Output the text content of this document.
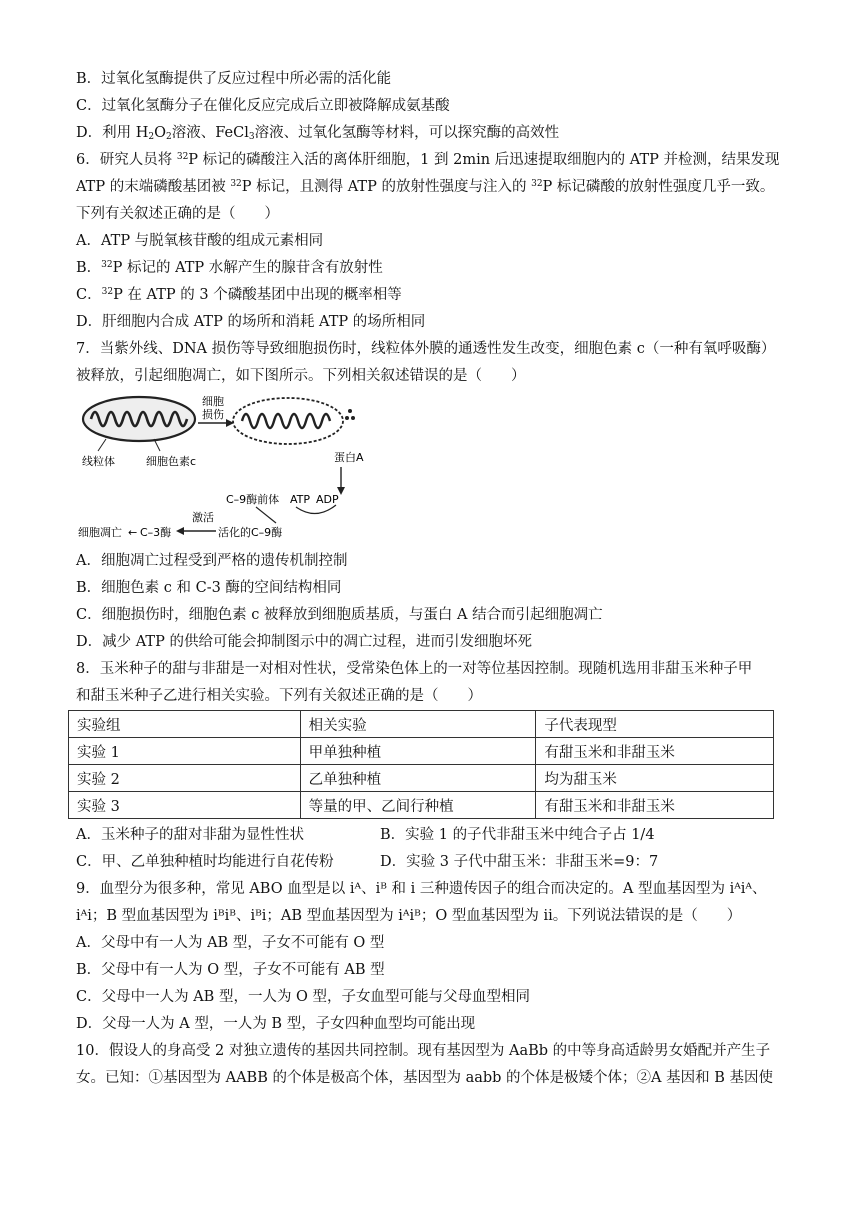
B．过氧化氢酶提供了反应过程中所必需的活化能
C．过氧化氢酶分子在催化反应完成后立即被降解成氨基酸
D．利用 $H_2O_2$溶液、FeCl$_3$溶液、过氧化氢酶等材料，可以探究酶的高效性
6．研究人员将 $^{32}$P 标记的磷酸注入活的离体肝细胞，1 到 2min 后迅速提取细胞内的 ATP 并检测，结果发现
ATP 的末端磷酸基团被 $^{32}$P 标记，且测得 ATP 的放射性强度与注入的 $^{32}$P 标记磷酸的放射性强度几乎一致。
下列有关叙述正确的是（　　）
A．ATP 与脱氧核苷酸的组成元素相同
B．$^{32}$P 标记的 ATP 水解产生的腺苷含有放射性
C．$^{32}$P 在 ATP 的 3 个磷酸基团中出现的概率相等
D．肝细胞内合成 ATP 的场所和消耗 ATP 的场所相同
7．当紫外线、DNA 损伤等导致细胞损伤时，线粒体外膜的通透性发生改变，细胞色素 c（一种有氧呼吸酶）
被释放，引起细胞凋亡，如下图所示。下列相关叙述错误的是（　　）
细胞
损伤
蛋白A
线粒体	细胞色素c
C–9酶前体 ATP ADP
细胞凋亡 ← C–3酶
激活
活化的C–9酶
A．细胞凋亡过程受到严格的遗传机制控制
B．细胞色素 c 和 C-3 酶的空间结构相同
C．细胞损伤时，细胞色素 c 被释放到细胞质基质，与蛋白 A 结合而引起细胞凋亡
D．减少 ATP 的供给可能会抑制图示中的凋亡过程，进而引发细胞坏死
8．玉米种子的甜与非甜是一对相对性状，受常染色体上的一对等位基因控制。现随机选用非甜玉米种子甲
和甜玉米种子乙进行相关实验。下列有关叙述正确的是（　　）
实验组	相关实验	子代表现型
实验 1	甲单独种植	有甜玉米和非甜玉米
实验 2	乙单独种植	均为甜玉米
实验 3	等量的甲、乙间行种植	有甜玉米和非甜玉米
A．玉米种子的甜对非甜为显性性状	B．实验 1 的子代非甜玉米中纯合子占 1/4
C．甲、乙单独种植时均能进行自花传粉	D．实验 3 子代中甜玉米：非甜玉米=9：7
9．血型分为很多种，常见 ABO 血型是以 iᴬ、iᴮ 和 i 三种遗传因子的组合而决定的。A 型血基因型为 iᴬiᴬ、
iᴬi；B 型血基因型为 iᴮiᴮ、iᴮi；AB 型血基因型为 iᴬiᴮ；O 型血基因型为 ii。下列说法错误的是（　　）
A．父母中有一人为 AB 型，子女不可能有 O 型
B．父母中有一人为 O 型，子女不可能有 AB 型
C．父母中一人为 AB 型，一人为 O 型，子女血型可能与父母血型相同
D．父母一人为 A 型，一人为 B 型，子女四种血型均可能出现
10．假设人的身高受 2 对独立遗传的基因共同控制。现有基因型为 AaBb 的中等身高适龄男女婚配并产生子
女。已知：①基因型为 AABB 的个体是极高个体，基因型为 aabb 的个体是极矮个体；②A 基因和 B 基因使
